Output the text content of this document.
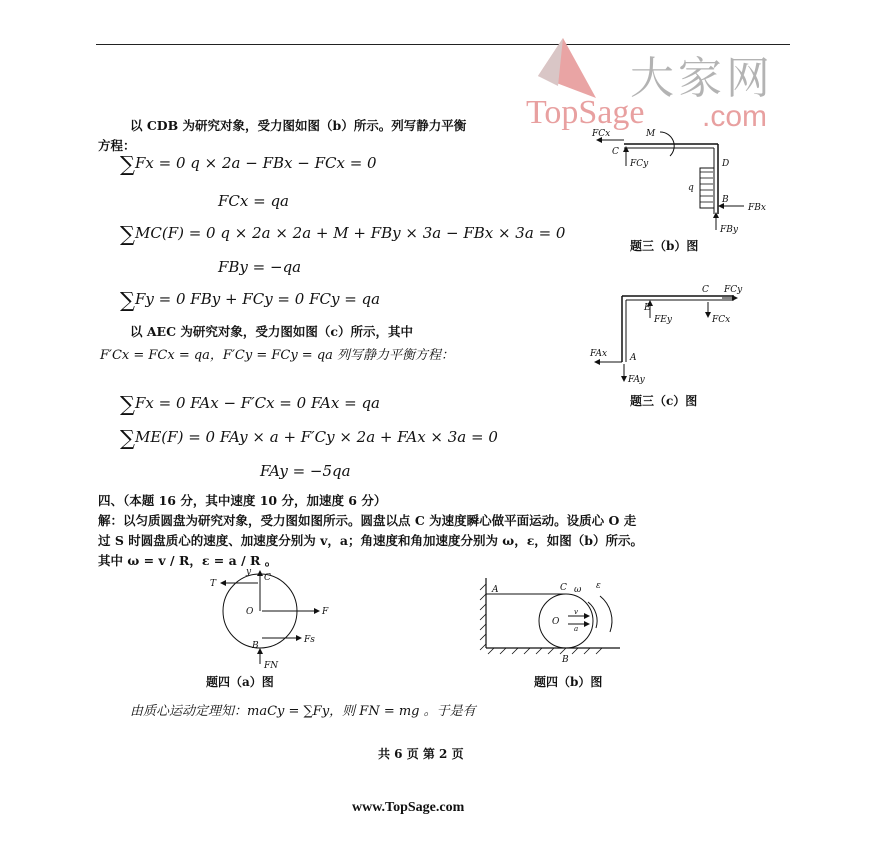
大家网
TopSage .com
以 CDB 为研究对象，受力图如图（b）所示。列写静力平衡
方程：
∑Fx = 0 q × 2a − FBx − FCx = 0
FCx = qa
∑MC(F) = 0 q × 2a × 2a + M + FBy × 3a − FBx × 3a = 0
FBy = −qa
∑Fy = 0 FBy + FCy = 0 FCy = qa
以 AEC 为研究对象，受力图如图（c）所示，其中
F′Cx = FCx = qa，F′Cy = FCy = qa 列写静力平衡方程：
∑Fx = 0 FAx − F′Cx = 0 FAx = qa
∑ME(F) = 0 FAy × a + F′Cy × 2a + FAx × 3a = 0
FAy = −5qa
FCx	M
C
FCy	D
q
B
FBx
FBy
题三（b）图
C FCy
E
FEy	FCx
FAx	A
FAy
题三（c）图
四、（本题 16 分，其中速度 10 分，加速度 6 分）
解：以匀质圆盘为研究对象，受力图如图所示。圆盘以点 C 为速度瞬心做平面运动。设质心 O 走
过 S 时圆盘质心的速度、加速度分别为 v，a；角速度和角加速度分别为 ω，ε，如图（b）所示。
其中 ω = v / R，ε = a / R 。
T
y
C
O	F
B
Fs
FN
题四（a）图
A	C ω ε
O
v
a
B
题四（b）图
由质心运动定理知：maCy = ∑Fy，则 FN = mg 。于是有
共 6 页 第 2 页
www.TopSage.com
